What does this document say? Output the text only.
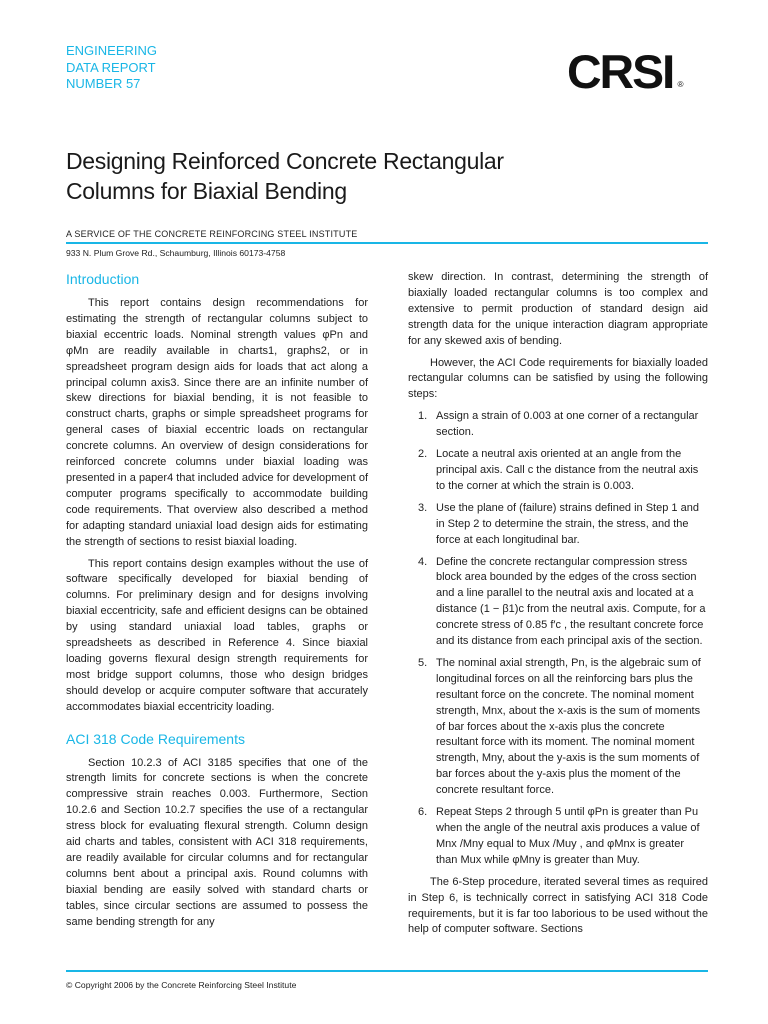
ENGINEERING
DATA REPORT
NUMBER 57	CRSI ®
Designing Reinforced Concrete Rectangular
Columns for Biaxial Bending
A SERVICE OF THE CONCRETE REINFORCING STEEL INSTITUTE
933 N. Plum Grove Rd., Schaumburg, Illinois 60173-4758
Introduction

This report contains design recommendations for estimating the strength of rectangular columns subject to biaxial eccentric loads. Nominal strength values φPn and φMn are readily available in charts1, graphs2, or in spreadsheet program design aids for loads that act along a principal column axis3. Since there are an infinite number of skew directions for biaxial bending, it is not feasible to construct charts, graphs or simple spreadsheet programs for general cases of biaxial eccentric loads on rectangular concrete columns. An overview of design considerations for reinforced concrete columns under biaxial loading was presented in a paper4 that included advice for development of computer programs specifically to accommodate building code requirements. That overview also described a method for adapting standard uniaxial load design aids for estimating the strength of sections to resist biaxial loading.

This report contains design examples without the use of software specifically developed for biaxial bending of columns. For preliminary design and for designs involving biaxial eccentricity, safe and efficient designs can be obtained by using standard uniaxial load tables, graphs or spreadsheets as described in Reference 4. Since biaxial loading governs flexural design strength requirements for most bridge support columns, those who design bridges should develop or acquire computer software that accurately accommodates biaxial eccentricity loading.

ACI 318 Code Requirements

Section 10.2.3 of ACI 3185 specifies that one of the strength limits for concrete sections is when the concrete compressive strain reaches 0.003. Furthermore, Section 10.2.6 and Section 10.2.7 specifies the use of a rectangular stress block for evaluating flexural strength. Column design aid charts and tables, consistent with ACI 318 requirements, are readily available for circular columns and for rectangular columns bent about a principal axis. Round columns with biaxial bending are easily solved with standard charts or tables, since circular sections are assumed to possess the same bending strength for any

skew direction. In contrast, determining the strength of biaxially loaded rectangular columns is too complex and extensive to permit production of standard design aid strength data for the unique interaction diagram appropriate for any skewed axis of bending.

However, the ACI Code requirements for biaxially loaded rectangular columns can be satisfied by using the following steps:

1. Assign a strain of 0.003 at one corner of a rectangular section.
2. Locate a neutral axis oriented at an angle from the principal axis. Call c the distance from the neutral axis to the corner at which the strain is 0.003.
3. Use the plane of (failure) strains defined in Step 1 and in Step 2 to determine the strain, the stress, and the force at each longitudinal bar.
4. Define the concrete rectangular compression stress block area bounded by the edges of the cross section and a line parallel to the neutral axis and located at a distance (1 − β1)c from the neutral axis. Compute, for a concrete stress of 0.85 f′c , the resultant concrete force and its distance from each principal axis of the section.
5. The nominal axial strength, Pn, is the algebraic sum of longitudinal forces on all the reinforcing bars plus the resultant force on the concrete. The nominal moment strength, Mnx, about the x-axis is the sum of moments of bar forces about the x-axis plus the concrete resultant force with its moment. The nominal moment strength, Mny, about the y-axis is the sum moments of bar forces about the y-axis plus the moment of the concrete resultant force.
6. Repeat Steps 2 through 5 until φPn is greater than Pu when the angle of the neutral axis produces a value of Mnx /Mny equal to Mux /Muy , and φMnx is greater than Mux while φMny is greater than Muy.

The 6-Step procedure, iterated several times as required in Step 6, is technically correct in satisfying ACI 318 Code requirements, but it is far too laborious to be used without the help of computer software. Sections

© Copyright 2006 by the Concrete Reinforcing Steel Institute
